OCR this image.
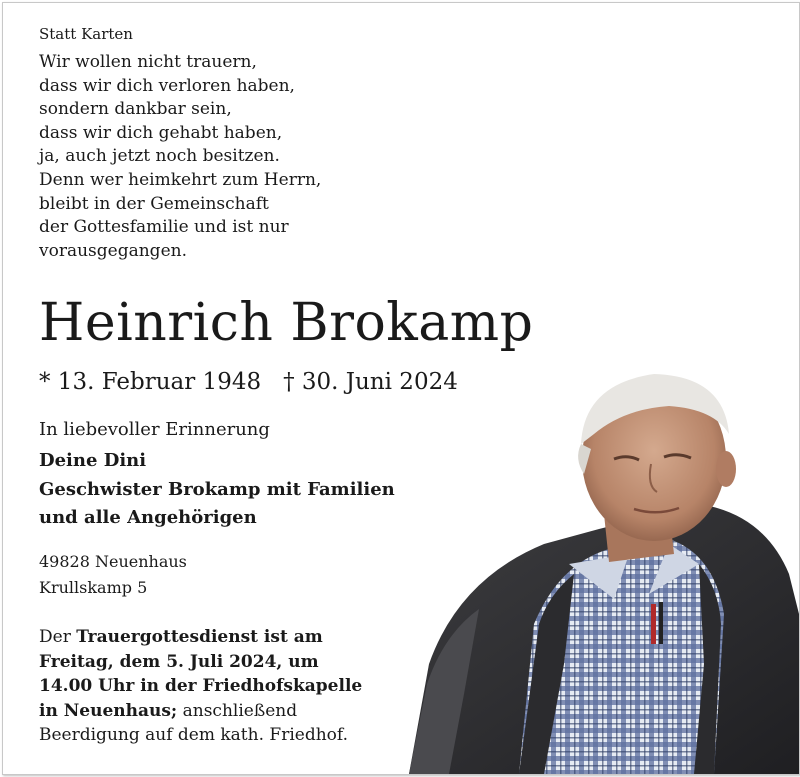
Statt Karten
Wir wollen nicht trauern,
dass wir dich verloren haben,
sondern dankbar sein,
dass wir dich gehabt haben,
ja, auch jetzt noch besitzen.
Denn wer heimkehrt zum Herrn,
bleibt in der Gemeinschaft
der Gottesfamilie und ist nur
vorausgegangen.
Heinrich Brokamp
* 13. Februar 1948 † 30. Juni 2024
In liebevoller Erinnerung
Deine Dini
Geschwister Brokamp mit Familien
und alle Angehörigen
49828 Neuenhaus
Krullskamp 5
Der Trauergottesdienst ist am
Freitag, dem 5. Juli 2024, um
14.00 Uhr in der Friedhofskapelle
in Neuenhaus; anschließend
Beerdigung auf dem kath. Friedhof.
